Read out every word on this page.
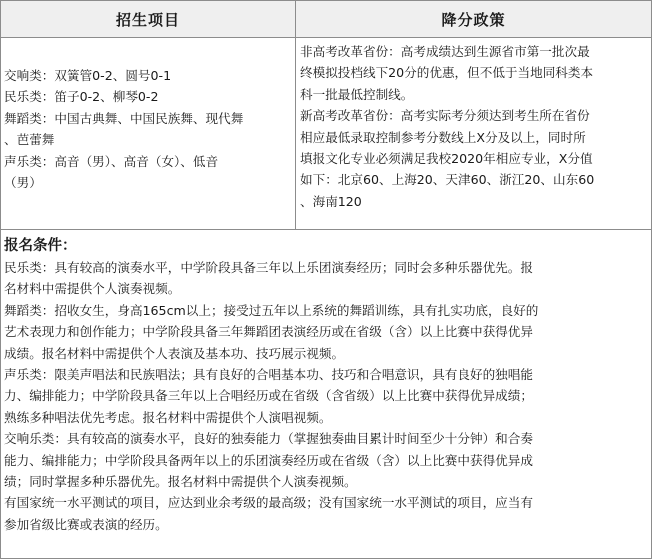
招生项目	降分政策
交响类：双簧管0-2、圆号0-1
民乐类：笛子0-2、柳琴0-2
舞蹈类：中国古典舞、中国民族舞、现代舞
、芭蕾舞
声乐类：高音（男）、高音（女）、低音
（男）
非高考改革省份：高考成绩达到生源省市第一批次最
终模拟投档线下20分的优惠，但不低于当地同科类本
科一批最低控制线。
新高考改革省份：高考实际考分须达到考生所在省份
相应最低录取控制参考分数线上X分及以上，同时所
填报文化专业必须满足我校2020年相应专业，X分值
如下：北京60、上海20、天津60、浙江20、山东60
、海南120
报名条件：
民乐类：具有较高的演奏水平，中学阶段具备三年以上乐团演奏经历；同时会多种乐器优先。报
名材料中需提供个人演奏视频。
舞蹈类：招收女生，身高165cm以上；接受过五年以上系统的舞蹈训练，具有扎实功底，良好的
艺术表现力和创作能力；中学阶段具备三年舞蹈团表演经历或在省级（含）以上比赛中获得优异
成绩。报名材料中需提供个人表演及基本功、技巧展示视频。
声乐类：限美声唱法和民族唱法；具有良好的合唱基本功、技巧和合唱意识，具有良好的独唱能
力、编排能力；中学阶段具备三年以上合唱经历或在省级（含省级）以上比赛中获得优异成绩；
熟练多种唱法优先考虑。报名材料中需提供个人演唱视频。
交响乐类：具有较高的演奏水平，良好的独奏能力（掌握独奏曲目累计时间至少十分钟）和合奏
能力、编排能力；中学阶段具备两年以上的乐团演奏经历或在省级（含）以上比赛中获得优异成
绩；同时掌握多种乐器优先。报名材料中需提供个人演奏视频。
有国家统一水平测试的项目，应达到业余考级的最高级；没有国家统一水平测试的项目，应当有
参加省级比赛或表演的经历。
